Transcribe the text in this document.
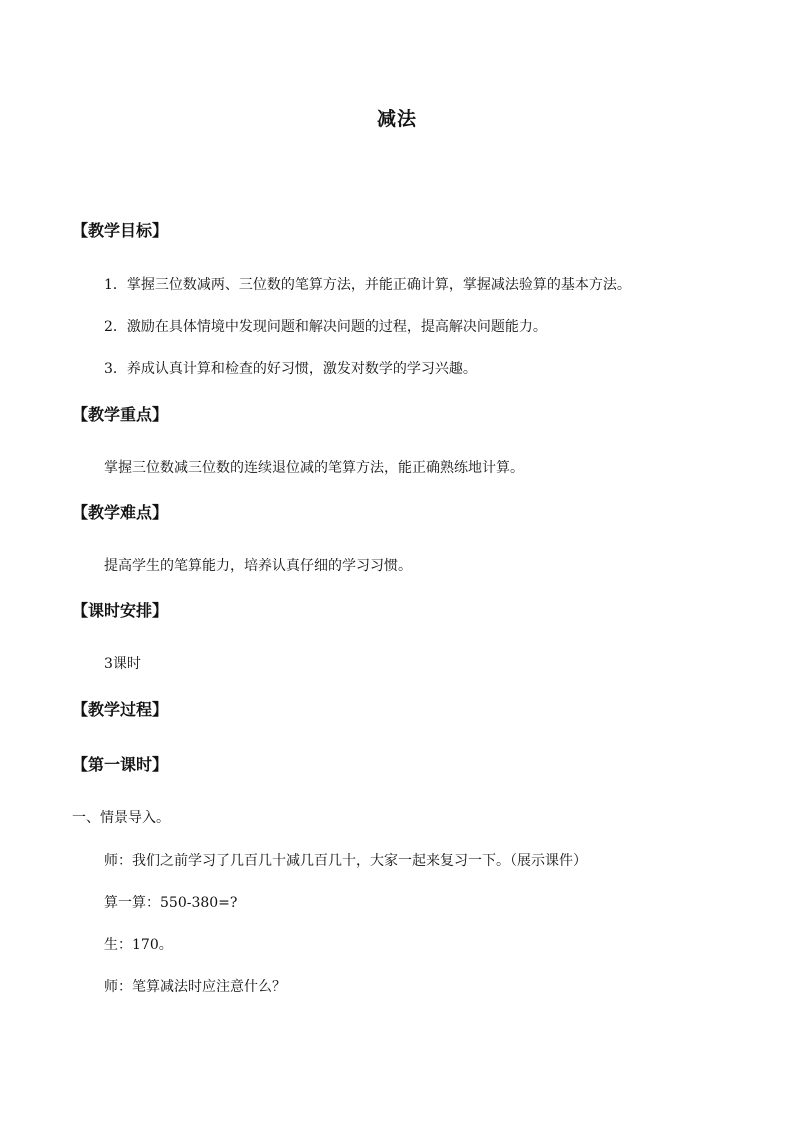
减法
【教学目标】
1．掌握三位数减两、三位数的笔算方法，并能正确计算，掌握减法验算的基本方法。
2．激励在具体情境中发现问题和解决问题的过程，提高解决问题能力。
3．养成认真计算和检查的好习惯，激发对数学的学习兴趣。
【教学重点】
掌握三位数减三位数的连续退位减的笔算方法，能正确熟练地计算。
【教学难点】
提高学生的笔算能力，培养认真仔细的学习习惯。
【课时安排】
3课时
【教学过程】
【第一课时】
一、情景导入。
师：我们之前学习了几百几十减几百几十，大家一起来复习一下。（展示课件）
算一算：550-380=?
生：170。
师：笔算减法时应注意什么？
